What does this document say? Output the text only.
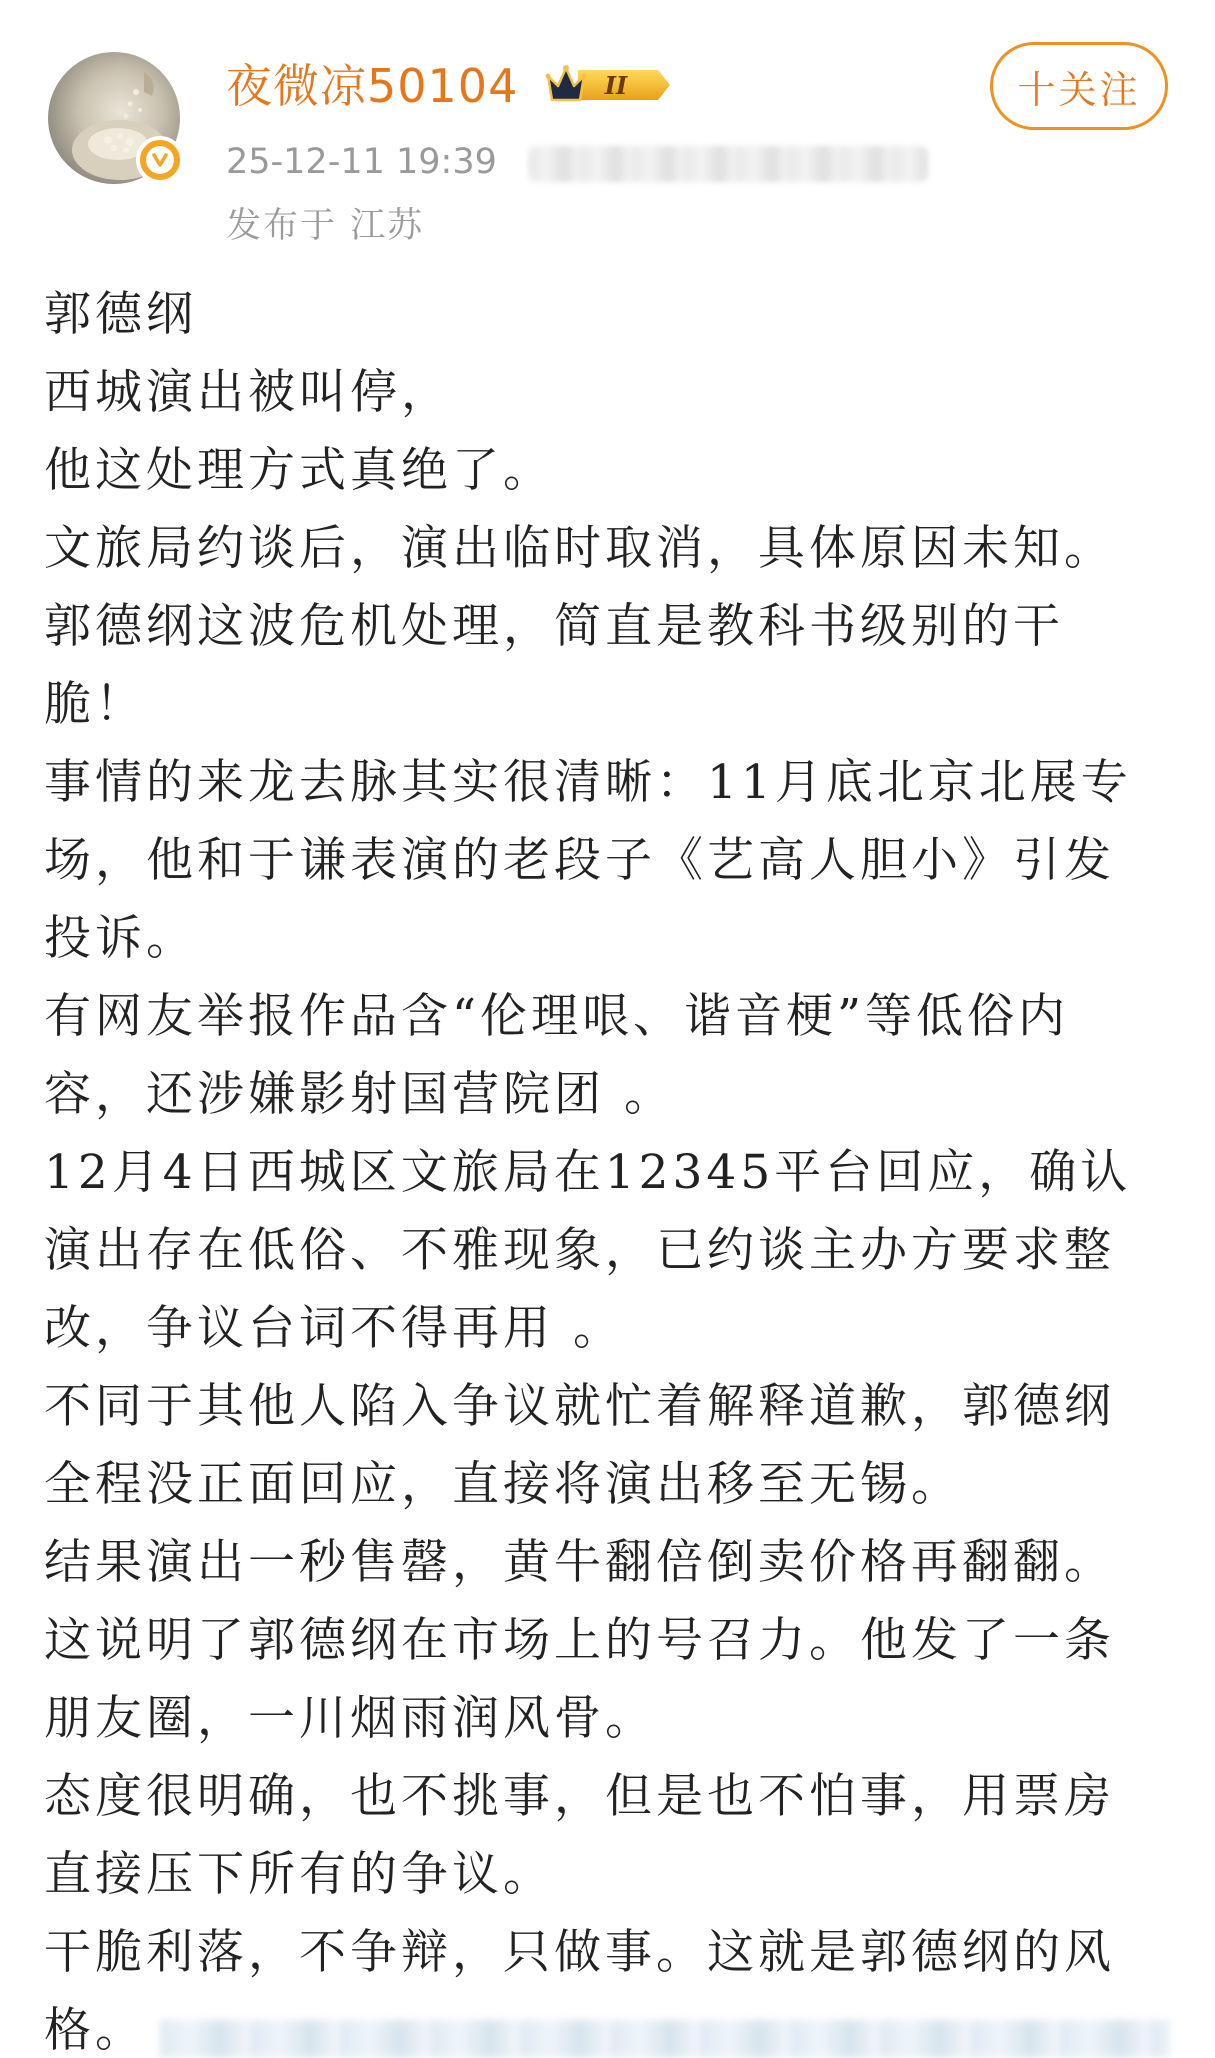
夜微凉50104	II
25-12-11 19:39
发布于 江苏
十关注

郭德纲

西城演出被叫停，

他这处理方式真绝了。

文旅局约谈后，演出临时取消，具体原因未知。

郭德纲这波危机处理，简直是教科书级别的干

脆！

事情的来龙去脉其实很清晰：11月底北京北展专

场，他和于谦表演的老段子《艺高人胆小》引发

投诉。

有网友举报作品含“伦理哏、谐音梗”等低俗内

容，还涉嫌影射国营院团 。

12月4日西城区文旅局在12345平台回应，确认

演出存在低俗、不雅现象，已约谈主办方要求整

改，争议台词不得再用 。

不同于其他人陷入争议就忙着解释道歉，郭德纲

全程没正面回应，直接将演出移至无锡。

结果演出一秒售罄，黄牛翻倍倒卖价格再翻翻。

这说明了郭德纲在市场上的号召力。他发了一条

朋友圈，一川烟雨润风骨。

态度很明确，也不挑事，但是也不怕事，用票房

直接压下所有的争议。

干脆利落，不争辩，只做事。这就是郭德纲的风

格。
